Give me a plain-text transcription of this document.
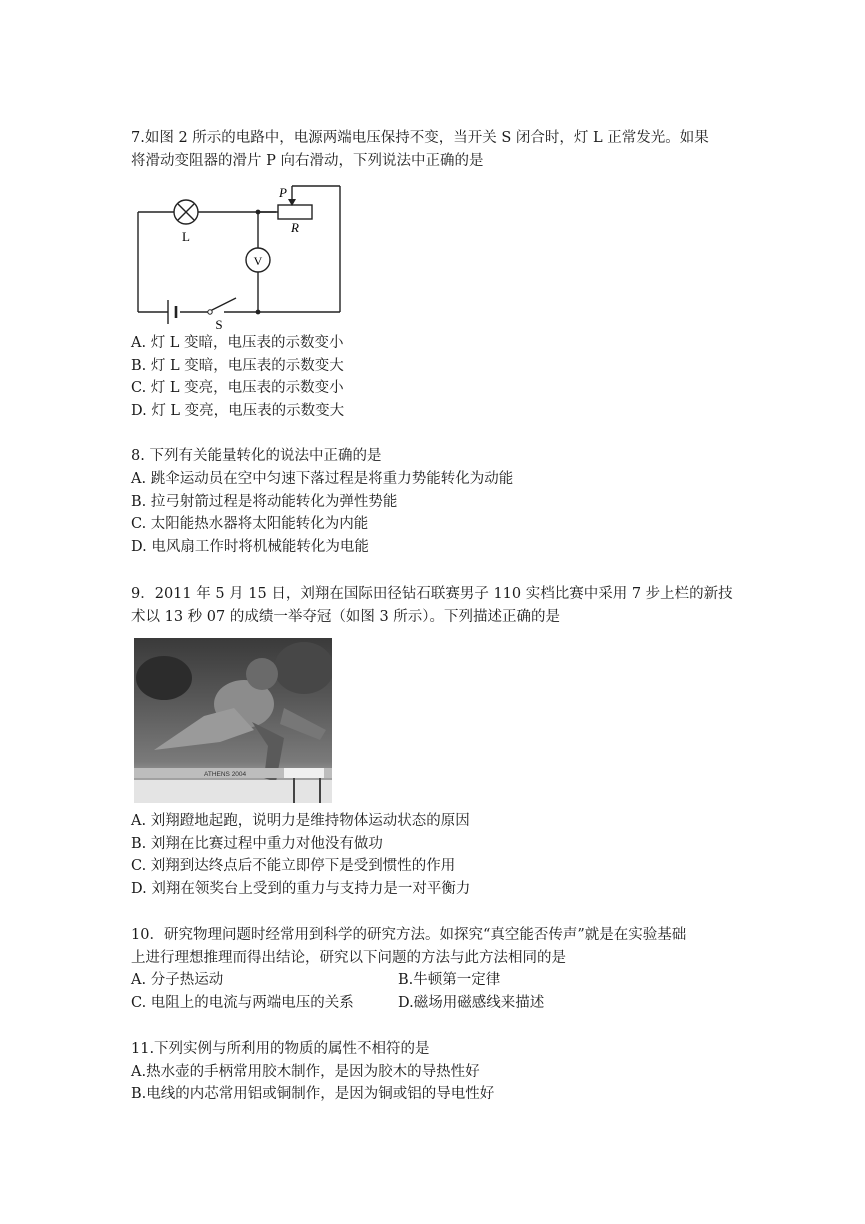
7.如图 2 所示的电路中，电源两端电压保持不变，当开关 S 闭合时，灯 L 正常发光。如果
将滑动变阻器的滑片 P 向右滑动，下列说法中正确的是
L
P
R
V
S
A. 灯 L 变暗，电压表的示数变小
B. 灯 L 变暗，电压表的示数变大
C. 灯 L 变亮，电压表的示数变小
D. 灯 L 变亮，电压表的示数变大
8. 下列有关能量转化的说法中正确的是
A. 跳伞运动员在空中匀速下落过程是将重力势能转化为动能
B. 拉弓射箭过程是将动能转化为弹性势能
C. 太阳能热水器将太阳能转化为内能
D. 电风扇工作时将机械能转化为电能
9．2011 年 5 月 15 日，刘翔在国际田径钻石联赛男子 110 实档比赛中采用 7 步上栏的新技
术以 13 秒 07 的成绩一举夺冠（如图 3 所示）。下列描述正确的是
ATHENS 2004
A. 刘翔蹬地起跑，说明力是维持物体运动状态的原因
B. 刘翔在比赛过程中重力对他没有做功
C. 刘翔到达终点后不能立即停下是受到惯性的作用
D. 刘翔在领奖台上受到的重力与支持力是一对平衡力
10．研究物理问题时经常用到科学的研究方法。如探究“真空能否传声”就是在实验基础
上进行理想推理而得出结论，研究以下问题的方法与此方法相同的是
A. 分子热运动	B.牛顿第一定律
C. 电阻上的电流与两端电压的关系	D.磁场用磁感线来描述
11.下列实例与所利用的物质的属性不相符的是
A.热水壶的手柄常用胶木制作，是因为胶木的导热性好
B.电线的内芯常用铝或铜制作，是因为铜或铝的导电性好
